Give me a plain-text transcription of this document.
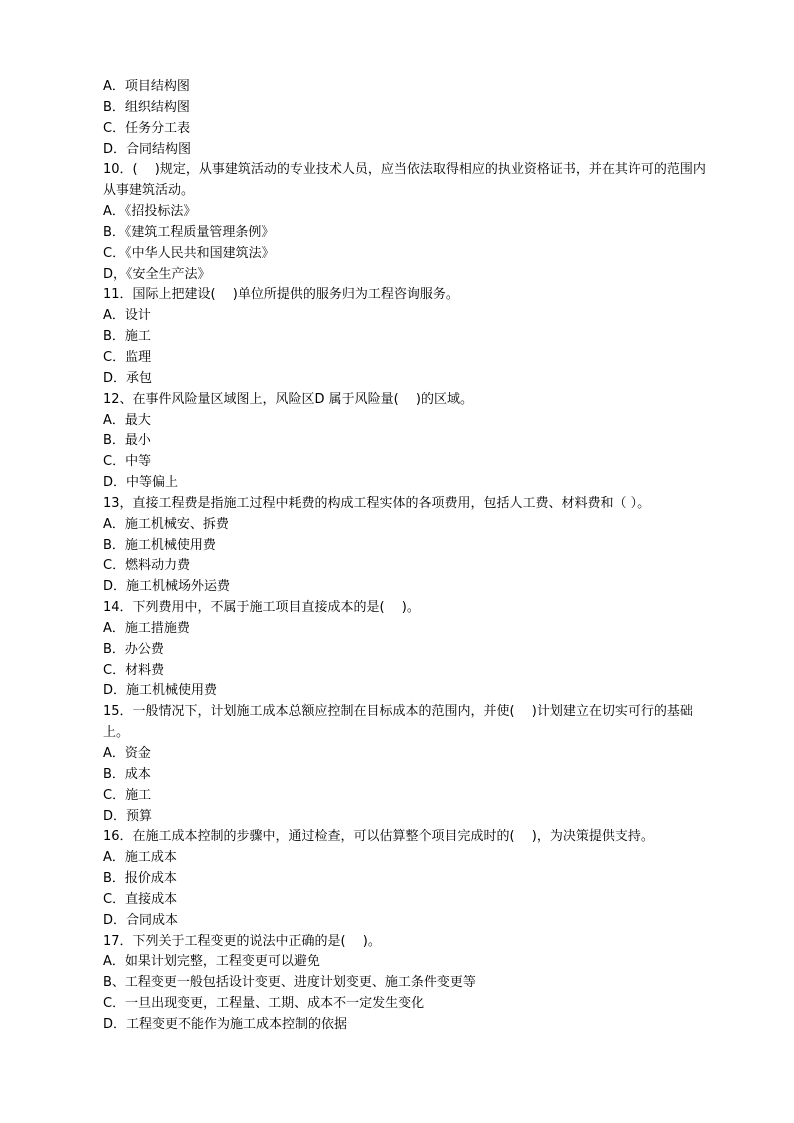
A．项目结构图

B．组织结构图

C．任务分工表

D．合同结构图

10．(　 )规定，从事建筑活动的专业技术人员，应当依法取得相应的执业资格证书，并在其许可的范围内从事建筑活动。

A．《招投标法》

B．《建筑工程质量管理条例》

C．《中华人民共和国建筑法》

D，《安全生产法》

11．国际上把建设(　 )单位所提供的服务归为工程咨询服务。

A．设计

B．施工

C．监理

D．承包

12、在事件风险量区域图上，风险区D 属于风险量(　 )的区域。

A．最大

B．最小

C．中等

D．中等偏上

13，直接工程费是指施工过程中耗费的构成工程实体的各项费用，包括人工费、材料费和（ ）。

A．施工机械安、拆费

B．施工机械使用费

C．燃料动力费

D．施工机械场外运费

14．下列费用中，不属于施工项目直接成本的是(　 )。

A．施工措施费

B．办公费

C．材料费

D．施工机械使用费

15．一般情况下，计划施工成本总额应控制在目标成本的范围内，并使(　 )计划建立在切实可行的基础上。

A．资金

B．成本

C．施工

D．预算

16．在施工成本控制的步骤中，通过检查，可以估算整个项目完成时的(　 )，为决策提供支持。

A．施工成本

B．报价成本

C．直接成本

D．合同成本

17．下列关于工程变更的说法中正确的是(　 )。

A．如果计划完整，工程变更可以避免

B、工程变更一般包括设计变更、进度计划变更、施工条件变更等

C．一旦出现变更，工程量、工期、成本不一定发生变化

D．工程变更不能作为施工成本控制的依据
